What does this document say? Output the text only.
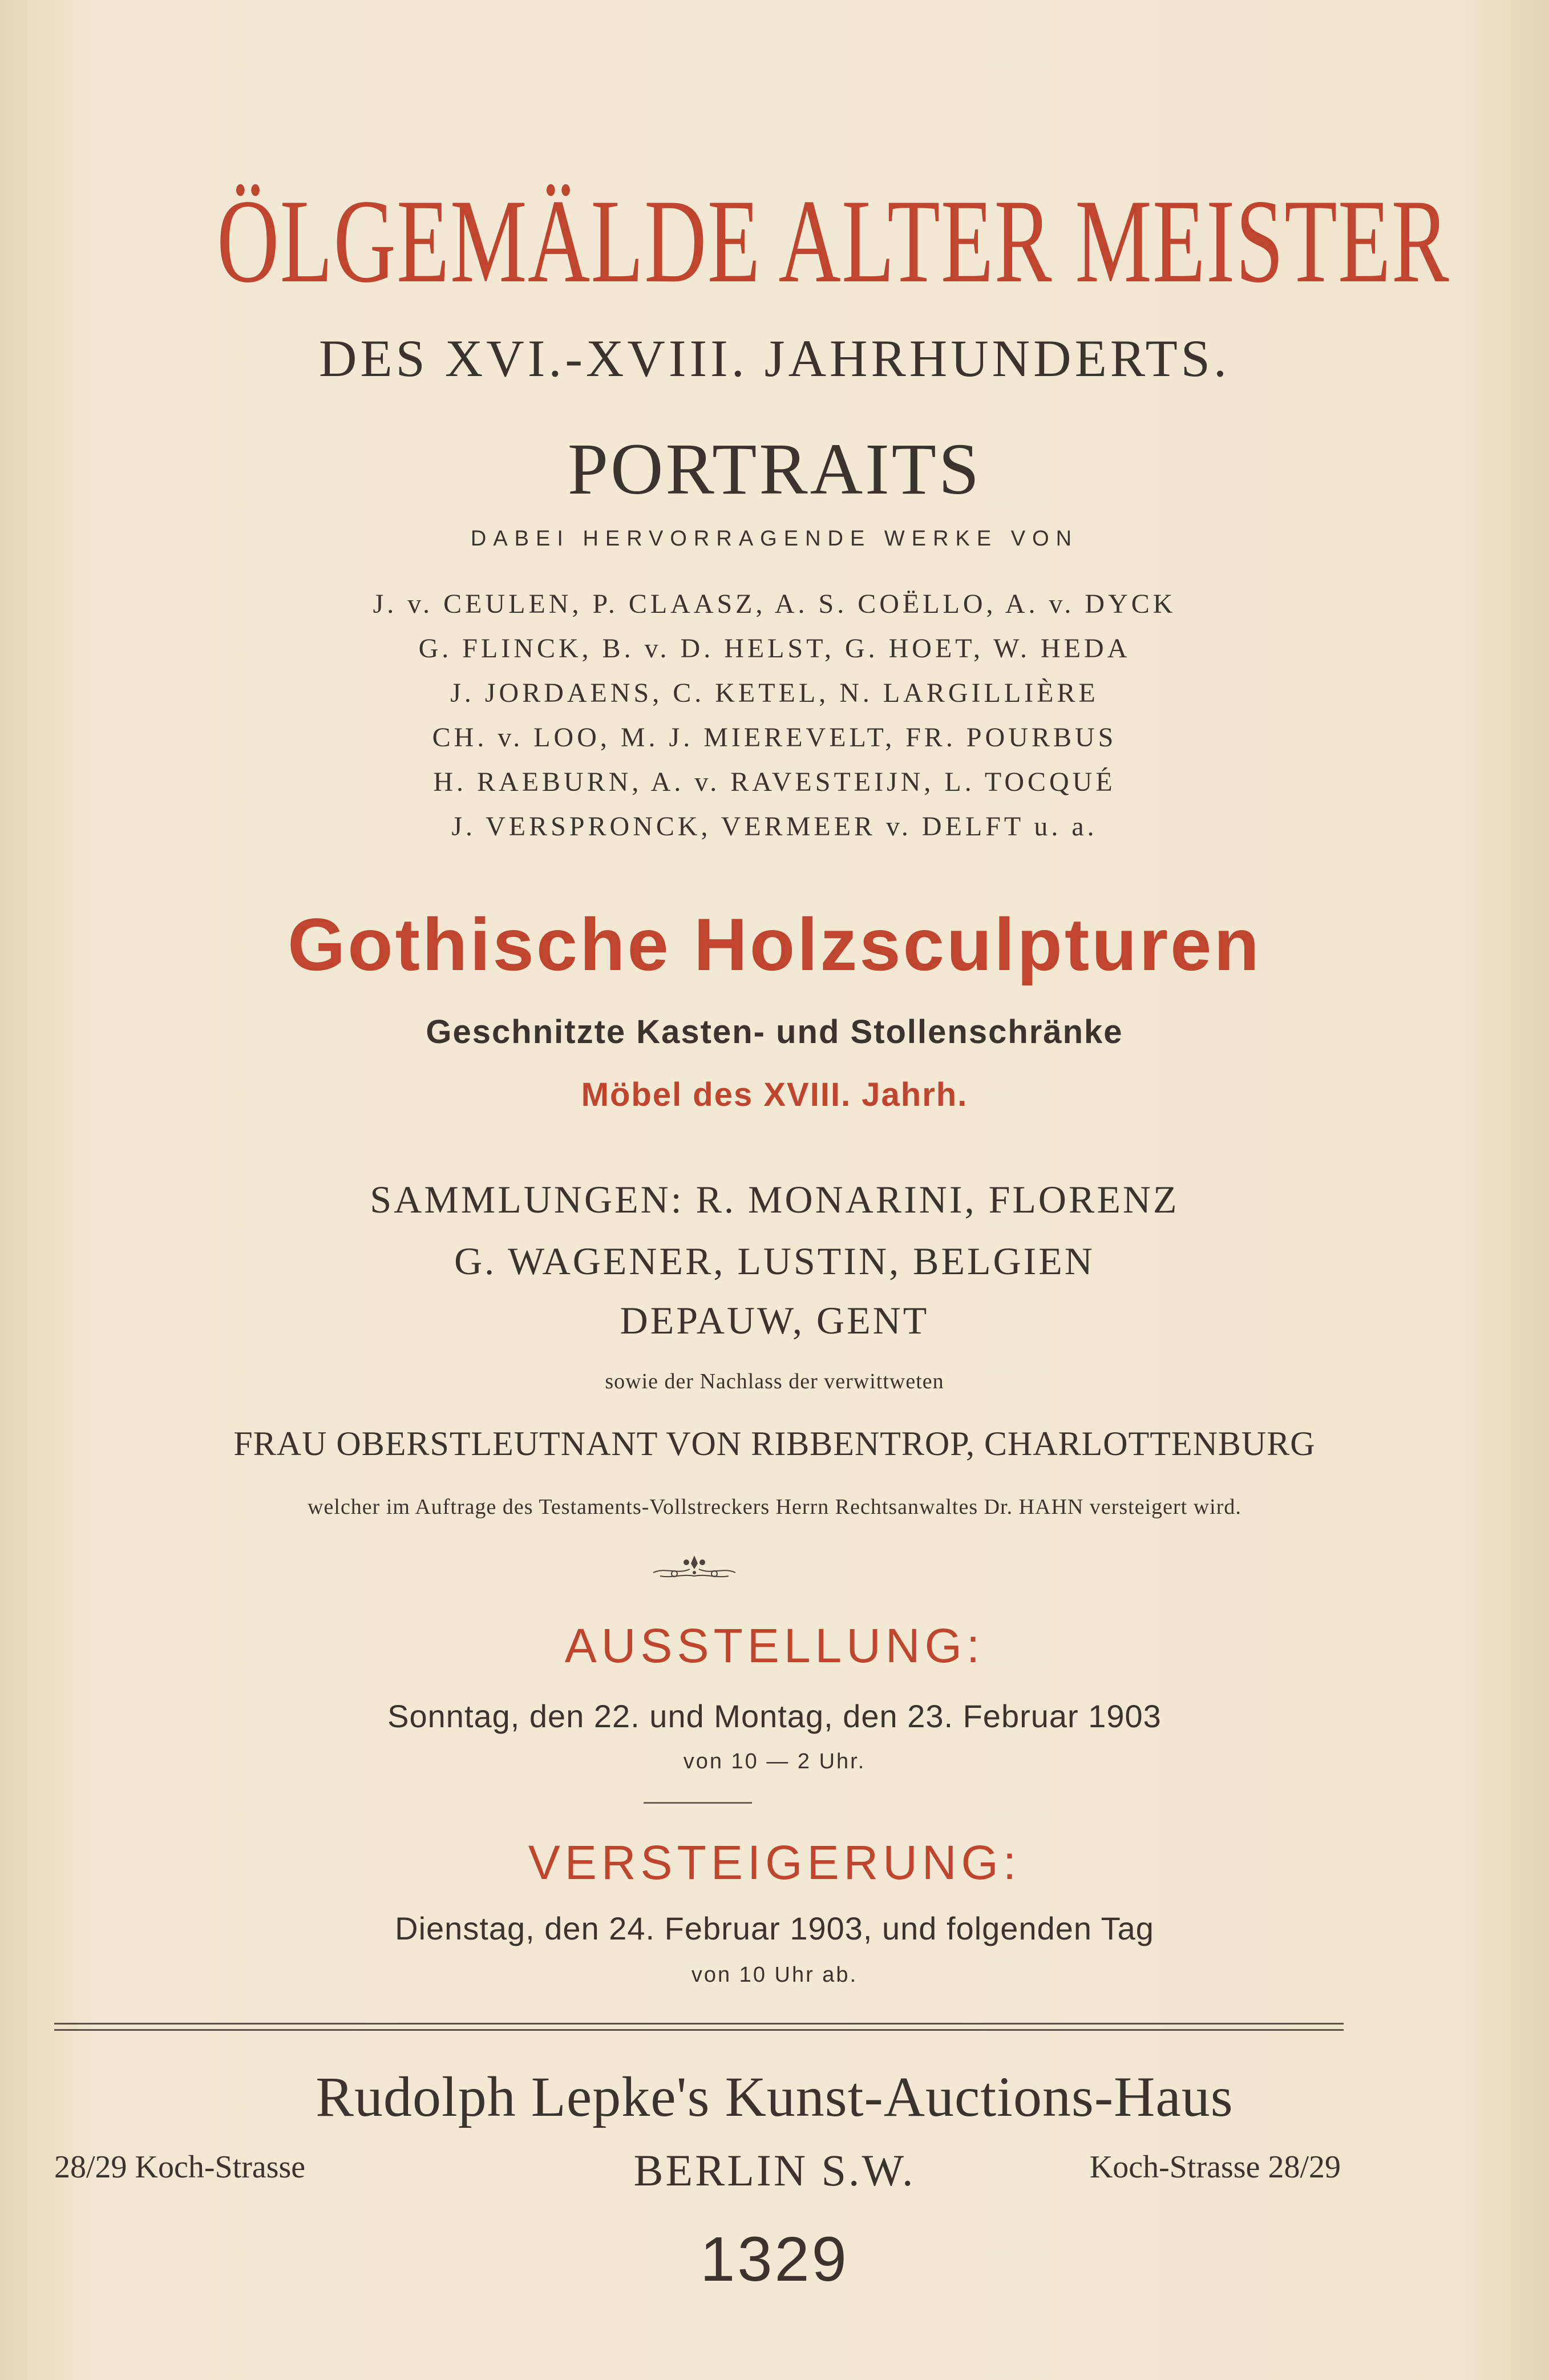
ÖLGEMÄLDE ALTER MEISTER
DES XVI.-XVIII. JAHRHUNDERTS.
PORTRAITS
DABEI HERVORRAGENDE WERKE VON
J. v. CEULEN, P. CLAASZ, A. S. COËLLO, A. v. DYCK
G. FLINCK, B. v. D. HELST, G. HOET, W. HEDA
J. JORDAENS, C. KETEL, N. LARGILLIÈRE
CH. v. LOO, M. J. MIEREVELT, FR. POURBUS
H. RAEBURN, A. v. RAVESTEIJN, L. TOCQUÉ
J. VERSPRONCK, VERMEER v. DELFT u. a.
Gothische Holzsculpturen
Geschnitzte Kasten- und Stollenschränke
Möbel des XVIII. Jahrh.
SAMMLUNGEN: R. MONARINI, FLORENZ
G. WAGENER, LUSTIN, BELGIEN
DEPAUW, GENT
sowie der Nachlass der verwittweten
FRAU OBERSTLEUTNANT VON RIBBENTROP, CHARLOTTENBURG
welcher im Auftrage des Testaments-Vollstreckers Herrn Rechtsanwaltes Dr. HAHN versteigert wird.
AUSSTELLUNG:
Sonntag, den 22. und Montag, den 23. Februar 1903
von 10 — 2 Uhr.
VERSTEIGERUNG:
Dienstag, den 24. Februar 1903, und folgenden Tag
von 10 Uhr ab.
Rudolph Lepke's Kunst-Auctions-Haus
28/29 Koch-Strasse	BERLIN S.W.	Koch-Strasse 28/29
1329
